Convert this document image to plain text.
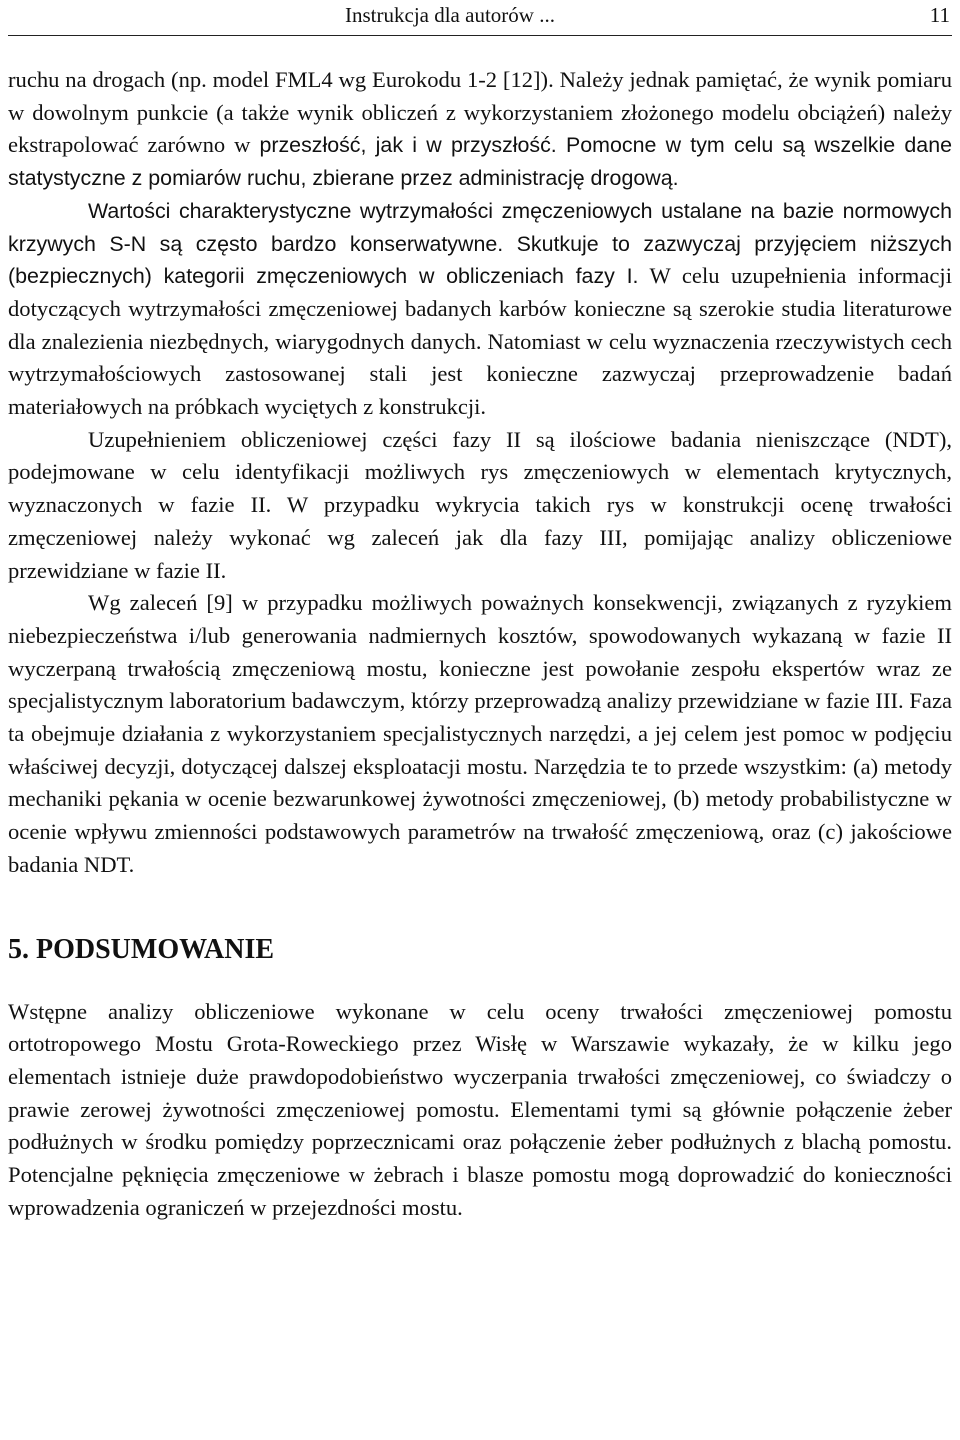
Instrukcja dla autorów ...	11

ruchu na drogach (np. model FML4 wg Eurokodu 1-2 [12]). Należy jednak pamiętać, że wynik pomiaru w dowolnym punkcie (a także wynik obliczeń z wykorzystaniem złożonego modelu obciążeń) należy ekstrapolować zarówno w przeszłość, jak i w przyszłość. Pomocne w tym celu są wszelkie dane statystyczne z pomiarów ruchu, zbierane przez administrację drogową.

Wartości charakterystyczne wytrzymałości zmęczeniowych ustalane na bazie normowych krzywych S-N są często bardzo konserwatywne. Skutkuje to zazwyczaj przyjęciem niższych (bezpiecznych) kategorii zmęczeniowych w obliczeniach fazy I. W celu uzupełnienia informacji dotyczących wytrzymałości zmęczeniowej badanych karbów konieczne są szerokie studia literaturowe dla znalezienia niezbędnych, wiarygodnych danych. Natomiast w celu wyznaczenia rzeczywistych cech wytrzymałościowych zastosowanej stali jest konieczne zazwyczaj przeprowadzenie badań materiałowych na próbkach wyciętych z konstrukcji.

Uzupełnieniem obliczeniowej części fazy II są ilościowe badania nieniszczące (NDT), podejmowane w celu identyfikacji możliwych rys zmęczeniowych w elementach krytycznych, wyznaczonych w fazie II. W przypadku wykrycia takich rys w konstrukcji ocenę trwałości zmęczeniowej należy wykonać wg zaleceń jak dla fazy III, pomijając analizy obliczeniowe przewidziane w fazie II.

Wg zaleceń [9] w przypadku możliwych poważnych konsekwencji, związanych z ryzykiem niebezpieczeństwa i/lub generowania nadmiernych kosztów, spowodowanych wykazaną w fazie II wyczerpaną trwałością zmęczeniową mostu, konieczne jest powołanie zespołu ekspertów wraz ze specjalistycznym laboratorium badawczym, którzy przeprowadzą analizy przewidziane w fazie III. Faza ta obejmuje działania z wykorzystaniem specjalistycznych narzędzi, a jej celem jest pomoc w podjęciu właściwej decyzji, dotyczącej dalszej eksploatacji mostu. Narzędzia te to przede wszystkim: (a) metody mechaniki pękania w ocenie bezwarunkowej żywotności zmęczeniowej, (b) metody probabilistyczne w ocenie wpływu zmienności podstawowych parametrów na trwałość zmęczeniową, oraz (c) jakościowe badania NDT.

5. PODSUMOWANIE

Wstępne analizy obliczeniowe wykonane w celu oceny trwałości zmęczeniowej pomostu ortotropowego Mostu Grota-Roweckiego przez Wisłę w Warszawie wykazały, że w kilku jego elementach istnieje duże prawdopodobieństwo wyczerpania trwałości zmęczeniowej, co świadczy o prawie zerowej żywotności zmęczeniowej pomostu. Elementami tymi są głównie połączenie żeber podłużnych w środku pomiędzy poprzecznicami oraz połączenie żeber podłużnych z blachą pomostu. Potencjalne pęknięcia zmęczeniowe w żebrach i blasze pomostu mogą doprowadzić do konieczności wprowadzenia ograniczeń w przejezdności mostu.
